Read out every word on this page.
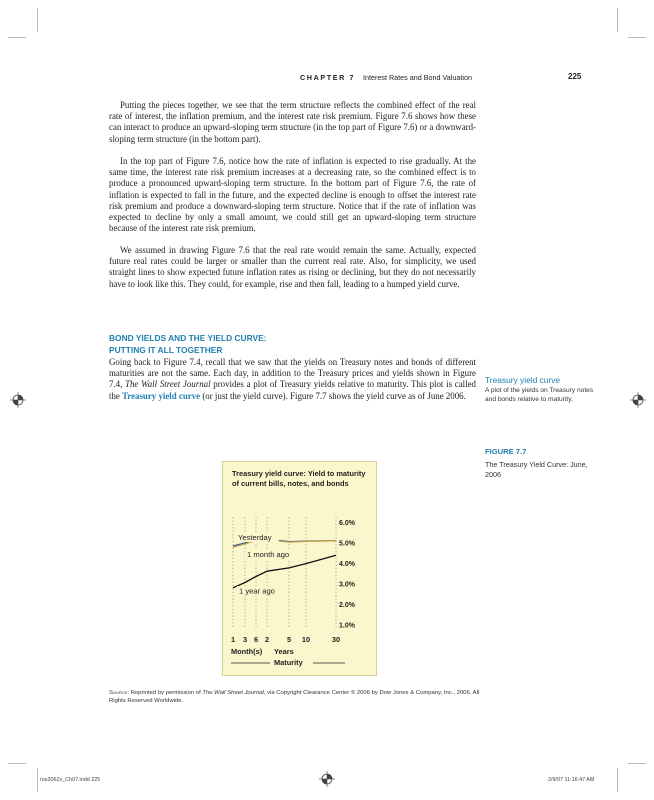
CHAPTER 7 Interest Rates and Bond Valuation	225

Putting the pieces together, we see that the term structure reflects the combined effect of the real rate of interest, the inflation premium, and the interest rate risk premium. Figure 7.6 shows how these can interact to produce an upward-sloping term structure (in the top part of Figure 7.6) or a downward-sloping term structure (in the bottom part).

In the top part of Figure 7.6, notice how the rate of inflation is expected to rise gradually. At the same time, the interest rate risk premium increases at a decreasing rate, so the combined effect is to produce a pronounced upward-sloping term structure. In the bottom part of Figure 7.6, the rate of inflation is expected to fall in the future, and the expected decline is enough to offset the interest rate risk premium and produce a downward-sloping term structure. Notice that if the rate of inflation was expected to decline by only a small amount, we could still get an upward-sloping term structure because of the interest rate risk premium.

We assumed in drawing Figure 7.6 that the real rate would remain the same. Actually, expected future real rates could be larger or smaller than the current real rate. Also, for simplicity, we used straight lines to show expected future inflation rates as rising or declining, but they do not necessarily have to look like this. They could, for example, rise and then fall, leading to a humped yield curve.

BOND YIELDS AND THE YIELD CURVE:
PUTTING IT ALL TOGETHER

Going back to Figure 7.4, recall that we saw that the yields on Treasury notes and bonds of different maturities are not the same. Each day, in addition to the Treasury prices and yields shown in Figure 7.4, The Wall Street Journal provides a plot of Treasury yields relative to maturity. This plot is called the Treasury yield curve (or just the yield curve). Figure 7.7 shows the yield curve as of June 2006.

Treasury yield curve
A plot of the yields on Treasury notes and bonds relative to maturity.
FIGURE 7.7
The Treasury Yield Curve: June, 2006
Treasury yield curve: Yield to maturity of current bills, notes, and bonds
6.0%
5.0%
4.0%
3.0%
2.0%
1.0%
Yesterday
1 month ago
1 year ago
1 3 6 2 5 10	30
Month(s) Years
Maturity
Source: Reprinted by permission of The Wall Street Journal, via Copyright Clearance Center © 2006 by Dow Jones & Company, Inc., 2006. All Rights Reserved Worldwide.
ros3062x_Ch07.indd 225	2/9/07 11:16:47 AM
